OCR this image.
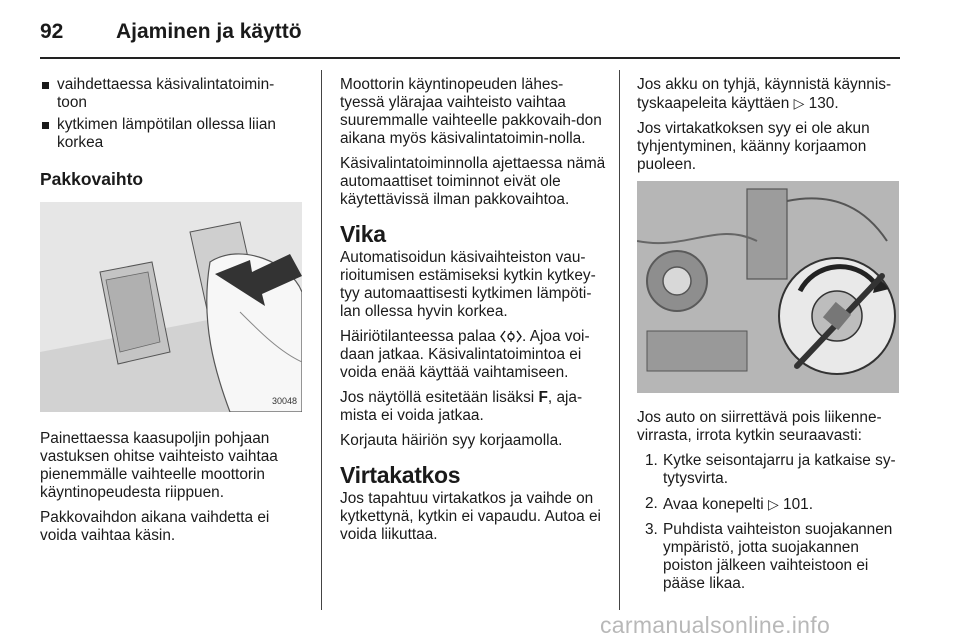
92	Ajaminen ja käyttö
vaihdettaessa käsivalintatoimin-toon
kytkimen lämpötilan ollessa liian korkea
Pakkovaihto
30048

Painettaessa kaasupoljin pohjaan vastuksen ohitse vaihteisto vaihtaa pienemmälle vaihteelle moottorin käyntinopeudesta riippuen.

Pakkovaihdon aikana vaihdetta ei voida vaihtaa käsin.

Moottorin käyntinopeuden lähes-tyessä ylärajaa vaihteisto vaihtaa suuremmalle vaihteelle pakkovaih-don aikana myös käsivalintatoimin-nolla.

Käsivalintatoiminnolla ajettaessa nämä automaattiset toiminnot eivät ole käytettävissä ilman pakkovaihtoa.

Vika

Automatisoidun käsivaihteiston vau-rioitumisen estämiseksi kytkin kytkey-tyy automaattisesti kytkimen lämpöti-lan ollessa hyvin korkea.

Häiriötilanteessa palaa . Ajoa voi-daan jatkaa. Käsivalintatoimintoa ei voida enää käyttää vaihtamiseen.

Jos näytöllä esitetään lisäksi F, aja-mista ei voida jatkaa.

Korjauta häiriön syy korjaamolla.

Virtakatkos

Jos tapahtuu virtakatkos ja vaihde on kytkettynä, kytkin ei vapaudu. Autoa ei voida liikuttaa.

Jos akku on tyhjä, käynnistä käynnis-tyskaapeleita käyttäen ▷ 130.

Jos virtakatkoksen syy ei ole akun tyhjentyminen, käänny korjaamon puoleen.

Jos auto on siirrettävä pois liikenne-virrasta, irrota kytkin seuraavasti:

1. Kytke seisontajarru ja katkaise sy-tytysvirta.
2. Avaa konepelti ▷ 101.
3. Puhdista vaihteiston suojakannen ympäristö, jotta suojakannen poiston jälkeen vaihteistoon ei pääse likaa.
carmanualsonline.info
